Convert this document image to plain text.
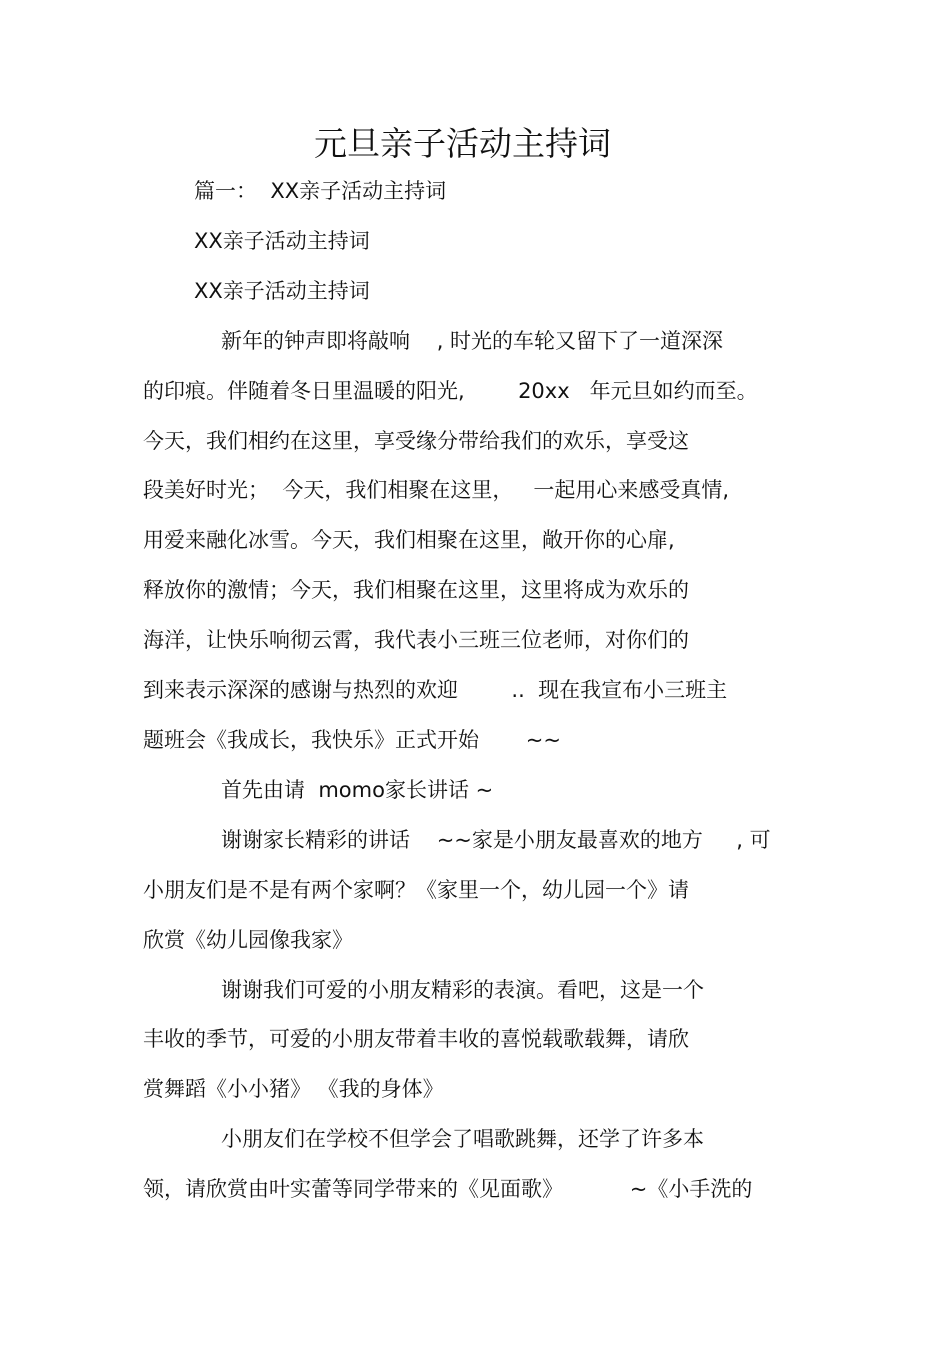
元旦亲子活动主持词
篇一：  XX亲子活动主持词
XX亲子活动主持词
XX亲子活动主持词
新年的钟声即将敲响    , 时光的车轮又留下了一道深深
的印痕。伴随着冬日里温暖的阳光,        20xx   年元旦如约而至。
今天，我们相约在这里，享受缘分带给我们的欢乐，享受这
段美好时光；  今天，我们相聚在这里，   一起用心来感受真情,
用爱来融化冰雪。今天，我们相聚在这里，敞开你的心扉,
释放你的激情；今天，我们相聚在这里，这里将成为欢乐的
海洋，让快乐响彻云霄，我代表小三班三位老师，对你们的
到来表示深深的感谢与热烈的欢迎        ..  现在我宣布小三班主
题班会《我成长，我快乐》正式开始       ~~
首先由请  momo家长讲话 ~
谢谢家长精彩的讲话    ~~家是小朋友最喜欢的地方     , 可
小朋友们是不是有两个家啊？《家里一个，幼儿园一个》请
欣赏《幼儿园像我家》
谢谢我们可爱的小朋友精彩的表演。看吧，这是一个
丰收的季节，可爱的小朋友带着丰收的喜悦载歌载舞，请欣
赏舞蹈《小小猪》 《我的身体》
小朋友们在学校不但学会了唱歌跳舞，还学了许多本
领，请欣赏由叶实蕾等同学带来的《见面歌》          ~《小手洗的
